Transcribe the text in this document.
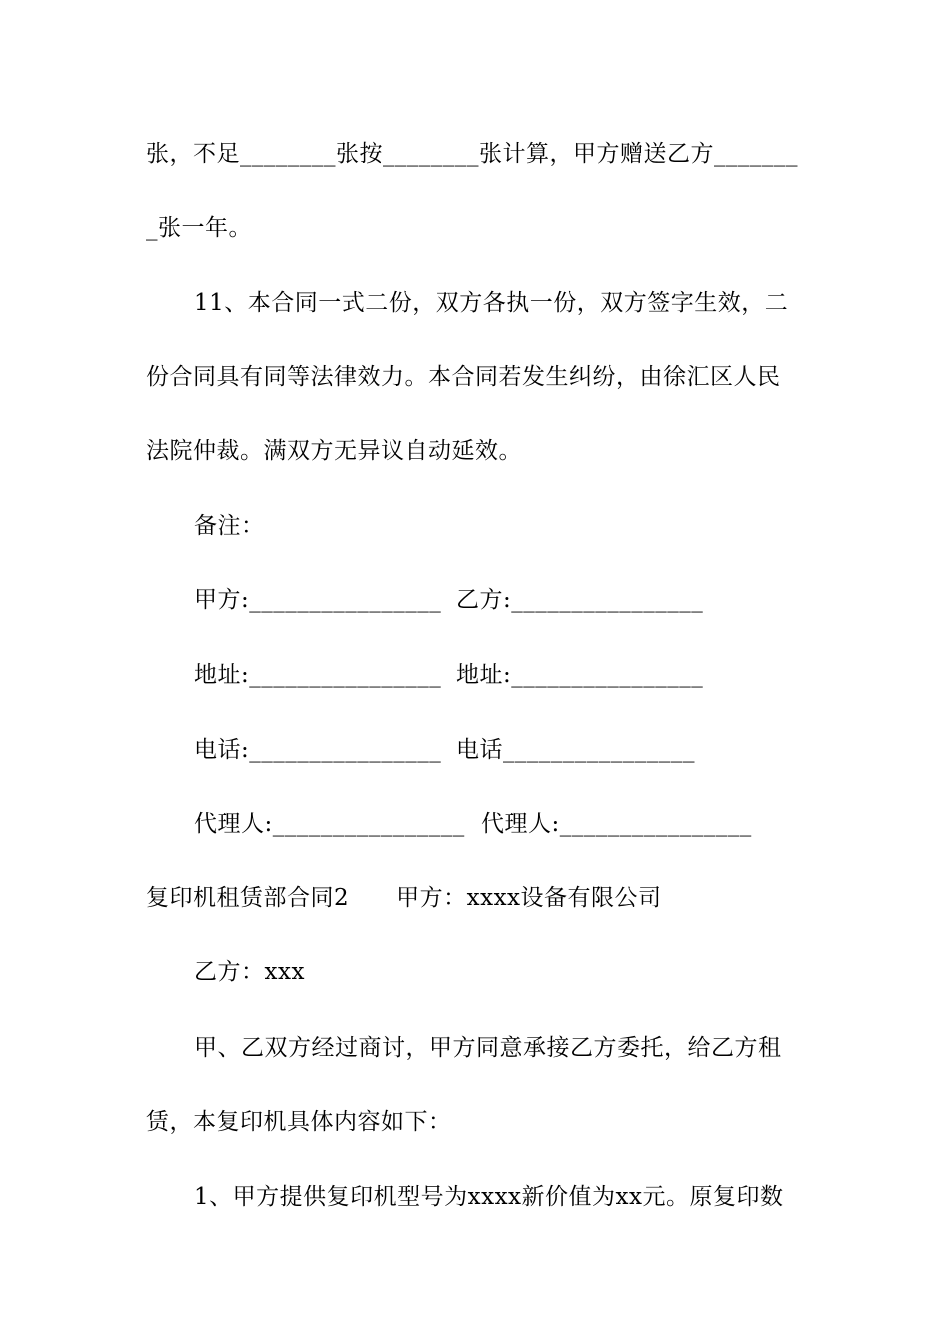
张，不足________张按________张计算，甲方赠送乙方_______
_张一年。
11、本合同一式二份，双方各执一份，双方签字生效，二
份合同具有同等法律效力。本合同若发生纠纷，由徐汇区人民
法院仲裁。满双方无异议自动延效。
备注：
甲方:________________ 乙方:________________
地址:________________ 地址:________________
电话:________________ 电话________________
代理人:________________ 代理人:________________
复印机租赁部合同2　　甲方：xxxx设备有限公司
乙方：xxx
甲、乙双方经过商讨，甲方同意承接乙方委托，给乙方租
赁，本复印机具体内容如下：
1、甲方提供复印机型号为xxxx新价值为xx元。原复印数
